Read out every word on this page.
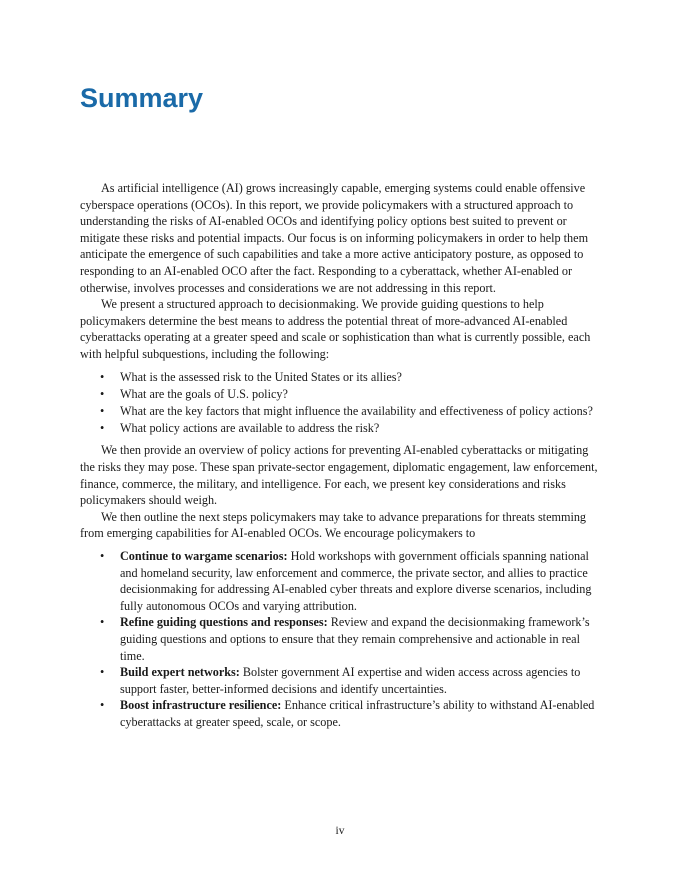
Summary

As artificial intelligence (AI) grows increasingly capable, emerging systems could enable offensive cyberspace operations (OCOs). In this report, we provide policymakers with a structured approach to understanding the risks of AI-enabled OCOs and identifying policy options best suited to prevent or mitigate these risks and potential impacts. Our focus is on informing policymakers in order to help them anticipate the emergence of such capabilities and take a more active anticipatory posture, as opposed to responding to an AI-enabled OCO after the fact. Responding to a cyberattack, whether AI-enabled or otherwise, involves processes and considerations we are not addressing in this report.

We present a structured approach to decisionmaking. We provide guiding questions to help policymakers determine the best means to address the potential threat of more-advanced AI-enabled cyberattacks operating at a greater speed and scale or sophistication than what is currently possible, each with helpful subquestions, including the following:

• What is the assessed risk to the United States or its allies?
• What are the goals of U.S. policy?
• What are the key factors that might influence the availability and effectiveness of policy actions?
• What policy actions are available to address the risk?

We then provide an overview of policy actions for preventing AI-enabled cyberattacks or mitigating the risks they may pose. These span private-sector engagement, diplomatic engagement, law enforcement, finance, commerce, the military, and intelligence. For each, we present key considerations and risks policymakers should weigh.

We then outline the next steps policymakers may take to advance preparations for threats stemming from emerging capabilities for AI-enabled OCOs. We encourage policymakers to

• Continue to wargame scenarios: Hold workshops with government officials spanning national and homeland security, law enforcement and commerce, the private sector, and allies to practice decisionmaking for addressing AI-enabled cyber threats and explore diverse scenarios, including fully autonomous OCOs and varying attribution.
• Refine guiding questions and responses: Review and expand the decisionmaking framework’s guiding questions and options to ensure that they remain comprehensive and actionable in real time.
• Build expert networks: Bolster government AI expertise and widen access across agencies to support faster, better-informed decisions and identify uncertainties.
• Boost infrastructure resilience: Enhance critical infrastructure’s ability to withstand AI-enabled cyberattacks at greater speed, scale, or scope.
iv
